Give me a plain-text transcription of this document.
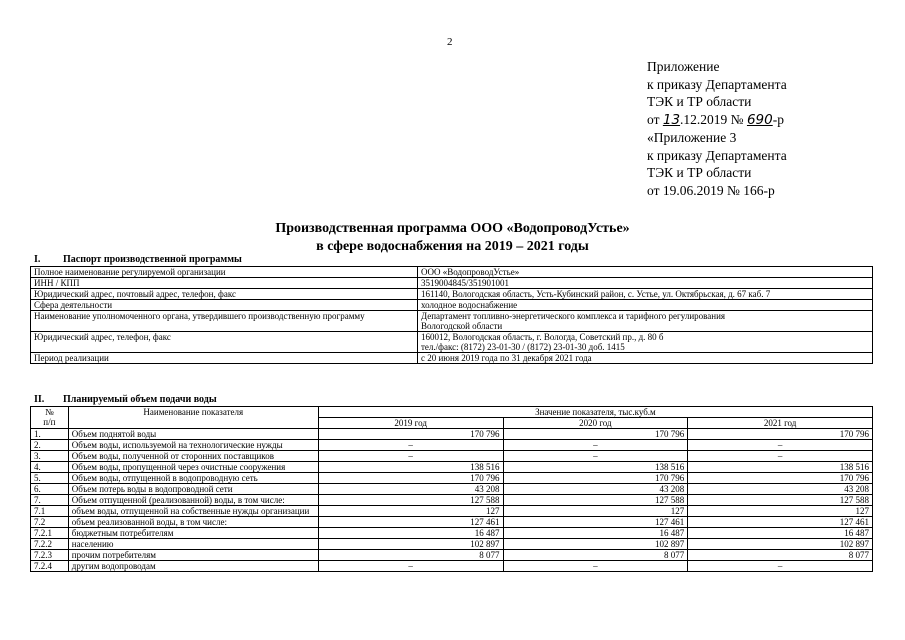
2
Приложение
к приказу Департамента
ТЭК и ТР области
от 13.12.2019 № 690-р
«Приложение 3
к приказу Департамента
ТЭК и ТР области
от 19.06.2019 № 166-р
Производственная программа ООО «ВодопроводУстье»
в сфере водоснабжения на 2019 – 2021 годы
I. Паспорт производственной программы
Полное наименование регулируемой организации	ООО «ВодопроводУстье»

ИНН / КПП	3519004845/351901001

Юридический адрес, почтовый адрес, телефон, факс	161140, Вологодская область, Усть-Кубинский район, с. Устье, ул. Октябрьская, д. 67 каб. 7

Сфера деятельности	холодное водоснабжение

Наименование уполномоченного органа, утвердившего производственную программу	Департамент топливно-энергетического комплекса и тарифного регулирования
Вологодской области

Юридический адрес, телефон, факс	160012, Вологодская область, г. Вологда, Советский пр., д. 80 б
тел./факс: (8172) 23-01-30 / (8172) 23-01-30 доб. 1415

Период реализации	с 20 июня 2019 года по 31 декабря 2021 года
II. Планируемый объем подачи воды
№
п/п	Наименование показателя	Значение показателя, тыс.куб.м		
		2019 год	2020 год	2021 год
1.	Объем поднятой воды	170 796	170 796	170 796
2.	Объем воды, используемой на технологические нужды	–	–	–
3.	Объем воды, полученной от сторонних поставщиков	–	–	–
4.	Объем воды, пропущенной через очистные сооружения	138 516	138 516	138 516
5.	Объем воды, отпущенной в водопроводную сеть	170 796	170 796	170 796
6.	Объем потерь воды в водопроводной сети	43 208	43 208	43 208
7.	Объем отпущенной (реализованной) воды, в том числе:	127 588	127 588	127 588
7.1	объем воды, отпущенной на собственные нужды организации	127	127	127
7.2	объем реализованной воды, в том числе:	127 461	127 461	127 461
7.2.1	бюджетным потребителям	16 487	16 487	16 487
7.2.2	населению	102 897	102 897	102 897
7.2.3	прочим потребителям	8 077	8 077	8 077
7.2.4	другим водопроводам	–	–	–
